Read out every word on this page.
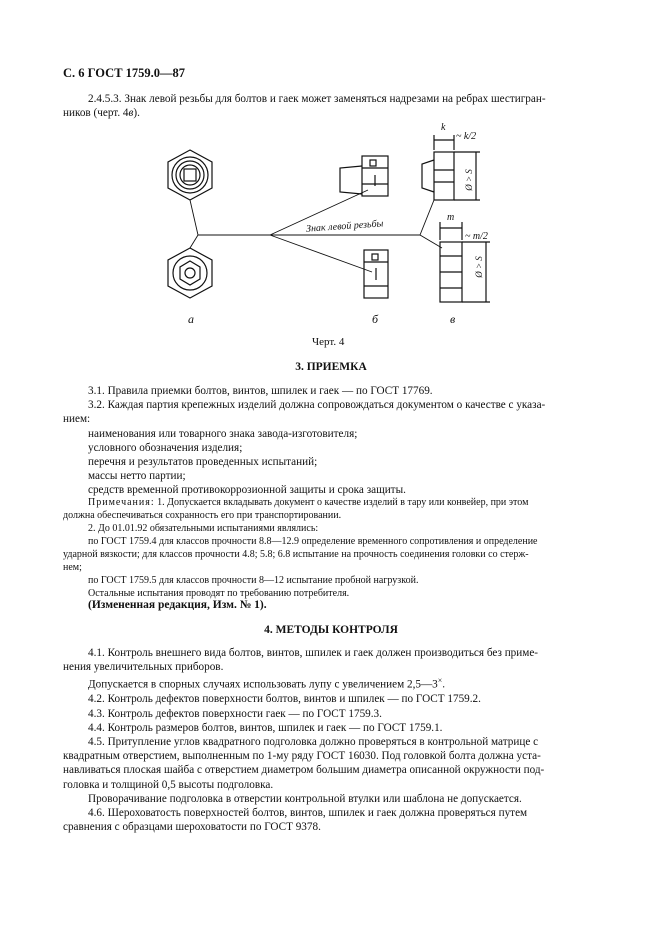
С. 6 ГОСТ 1759.0—87
2.4.5.3. Знак левой резьбы для болтов и гаек может заменяться надрезами на ребрах шестигран-
ников (черт. 4в).
Знак левой резьбы
k
~ k/2
m
~ m/2
Ø > S
Ø > S
а	б	в
Черт. 4
3. ПРИЕМКА
3.1. Правила приемки болтов, винтов, шпилек и гаек — по ГОСТ 17769.
3.2. Каждая партия крепежных изделий должна сопровождаться документом о качестве с указа-
нием:
наименования или товарного знака завода-изготовителя;
условного обозначения изделия;
перечня и результатов проведенных испытаний;
массы нетто партии;
средств временной противокоррозионной защиты и срока защиты.
Примечания: 1. Допускается вкладывать документ о качестве изделий в тару или конвейер, при этом
должна обеспечиваться сохранность его при транспортировании.
2. До 01.01.92 обязательными испытаниями являлись:
по ГОСТ 1759.4 для классов прочности 8.8—12.9 определение временного сопротивления и определение
ударной вязкости; для классов прочности 4.8; 5.8; 6.8 испытание на прочность соединения головки со стерж-
нем;
по ГОСТ 1759.5 для классов прочности 8—12 испытание пробной нагрузкой.
Остальные испытания проводят по требованию потребителя.
(Измененная редакция, Изм. № 1).
4. МЕТОДЫ КОНТРОЛЯ
4.1. Контроль внешнего вида болтов, винтов, шпилек и гаек должен производиться без приме-
нения увеличительных приборов.
Допускается в спорных случаях использовать лупу с увеличением 2,5—3×.
4.2. Контроль дефектов поверхности болтов, винтов и шпилек — по ГОСТ 1759.2.
4.3. Контроль дефектов поверхности гаек — по ГОСТ 1759.3.
4.4. Контроль размеров болтов, винтов, шпилек и гаек — по ГОСТ 1759.1.
4.5. Притупление углов квадратного подголовка должно проверяться в контрольной матрице с
квадратным отверстием, выполненным по 1-му ряду ГОСТ 16030. Под головкой болта должна уста-
навливаться плоская шайба с отверстием диаметром большим диаметра описанной окружности под-
головка и толщиной 0,5 высоты подголовка.
Проворачивание подголовка в отверстии контрольной втулки или шаблона не допускается.
4.6. Шероховатость поверхностей болтов, винтов, шпилек и гаек должна проверяться путем
сравнения с образцами шероховатости по ГОСТ 9378.
